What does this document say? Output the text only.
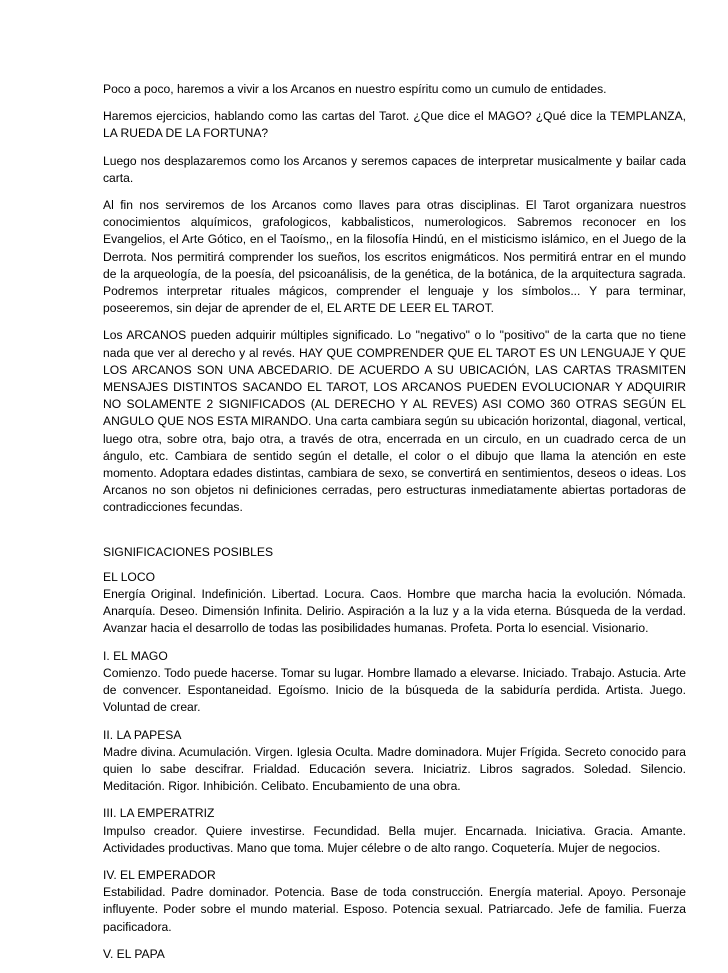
Poco a poco, haremos a vivir a los Arcanos en nuestro espíritu como un cumulo de entidades.

Haremos ejercicios, hablando como las cartas del Tarot. ¿Que dice el MAGO? ¿Qué dice la TEMPLANZA, LA RUEDA DE LA FORTUNA?

Luego nos desplazaremos como los Arcanos y seremos capaces de interpretar musicalmente y bailar cada carta.

Al fin nos serviremos de los Arcanos como llaves para otras disciplinas. El Tarot organizara nuestros conocimientos alquímicos, grafologicos, kabbalisticos, numerologicos. Sabremos reconocer en los Evangelios, el Arte Gótico, en el Taoísmo,, en la filosofía Hindú, en el misticismo islámico, en el Juego de la Derrota. Nos permitirá comprender los sueños, los escritos enigmáticos. Nos permitirá entrar en el mundo de la arqueología, de la poesía, del psicoanálisis, de la genética, de la botánica, de la arquitectura sagrada. Podremos interpretar rituales mágicos, comprender el lenguaje y los símbolos... Y para terminar, poseeremos, sin dejar de aprender de el, EL ARTE DE LEER EL TAROT.

Los ARCANOS pueden adquirir múltiples significado. Lo "negativo" o lo "positivo" de la carta que no tiene nada que ver al derecho y al revés. HAY QUE COMPRENDER QUE EL TAROT ES UN LENGUAJE Y QUE LOS ARCANOS SON UNA ABCEDARIO. DE ACUERDO A SU UBICACIÓN, LAS CARTAS TRASMITEN MENSAJES DISTINTOS SACANDO EL TAROT, LOS ARCANOS PUEDEN EVOLUCIONAR Y ADQUIRIR NO SOLAMENTE 2 SIGNIFICADOS (AL DERECHO Y AL REVES) ASI COMO 360 OTRAS SEGÚN EL ANGULO QUE NOS ESTA MIRANDO. Una carta cambiara según su ubicación horizontal, diagonal, vertical, luego otra, sobre otra, bajo otra, a través de otra, encerrada en un circulo, en un cuadrado cerca de un ángulo, etc. Cambiara de sentido según el detalle, el color o el dibujo que llama la atención en este momento. Adoptara edades distintas, cambiara de sexo, se convertirá en sentimientos, deseos o ideas. Los Arcanos no son objetos ni definiciones cerradas, pero estructuras inmediatamente abiertas portadoras de contradicciones fecundas.

SIGNIFICACIONES POSIBLES

EL LOCO
Energía Original. Indefinición. Libertad. Locura. Caos. Hombre que marcha hacia la evolución. Nómada. Anarquía. Deseo. Dimensión Infinita. Delirio. Aspiración a la luz y a la vida eterna. Búsqueda de la verdad. Avanzar hacia el desarrollo de todas las posibilidades humanas. Profeta. Porta lo esencial. Visionario.
I. EL MAGO
Comienzo. Todo puede hacerse. Tomar su lugar. Hombre llamado a elevarse. Iniciado. Trabajo. Astucia. Arte de convencer. Espontaneidad. Egoísmo. Inicio de la búsqueda de la sabiduría perdida. Artista. Juego. Voluntad de crear.
II. LA PAPESA
Madre divina. Acumulación. Virgen. Iglesia Oculta. Madre dominadora. Mujer Frígida. Secreto conocido para quien lo sabe descifrar. Frialdad. Educación severa. Iniciatriz. Libros sagrados. Soledad. Silencio. Meditación. Rigor. Inhibición. Celibato. Encubamiento de una obra.
III. LA EMPERATRIZ
Impulso creador. Quiere investirse. Fecundidad. Bella mujer. Encarnada. Iniciativa. Gracia. Amante. Actividades productivas. Mano que toma. Mujer célebre o de alto rango. Coquetería. Mujer de negocios.
IV. EL EMPERADOR
Estabilidad. Padre dominador. Potencia. Base de toda construcción. Energía material. Apoyo. Personaje influyente. Poder sobre el mundo material. Esposo. Potencia sexual. Patriarcado. Jefe de familia. Fuerza pacificadora.
V. EL PAPA
